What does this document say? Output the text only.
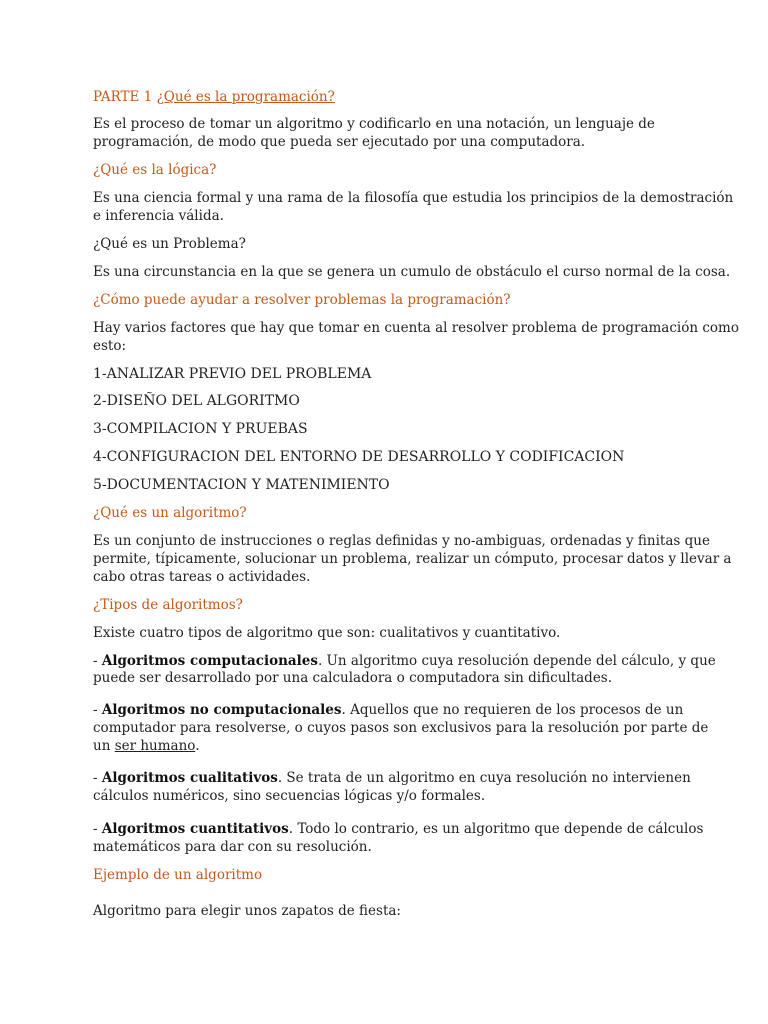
PARTE 1 ¿Qué es la programación?

Es el proceso de tomar un algoritmo y codificarlo en una notación, un lenguaje de

programación, de modo que pueda ser ejecutado por una computadora.

¿Qué es la lógica?

Es una ciencia formal y una rama de la filosofía que estudia los principios de la demostración

e inferencia válida.

¿Qué es un Problema?

Es una circunstancia en la que se genera un cumulo de obstáculo el curso normal de la cosa.

¿Cómo puede ayudar a resolver problemas la programación?

Hay varios factores que hay que tomar en cuenta al resolver problema de programación como

esto:

1-ANALIZAR PREVIO DEL PROBLEMA

2-DISEÑO DEL ALGORITMO

3-COMPILACION Y PRUEBAS

4-CONFIGURACION DEL ENTORNO DE DESARROLLO Y CODIFICACION

5-DOCUMENTACION Y MATENIMIENTO

¿Qué es un algoritmo?

Es un conjunto de instrucciones o reglas definidas y no-ambiguas, ordenadas y finitas que

permite, típicamente, solucionar un problema, realizar un cómputo, procesar datos y llevar a

cabo otras tareas o actividades.

¿Tipos de algoritmos?

Existe cuatro tipos de algoritmo que son: cualitativos y cuantitativo.

- Algoritmos computacionales. Un algoritmo cuya resolución depende del cálculo, y que

puede ser desarrollado por una calculadora o computadora sin dificultades.

- Algoritmos no computacionales. Aquellos que no requieren de los procesos de un

computador para resolverse, o cuyos pasos son exclusivos para la resolución por parte de

un ser humano.

- Algoritmos cualitativos. Se trata de un algoritmo en cuya resolución no intervienen

cálculos numéricos, sino secuencias lógicas y/o formales.

- Algoritmos cuantitativos. Todo lo contrario, es un algoritmo que depende de cálculos

matemáticos para dar con su resolución.

Ejemplo de un algoritmo

Algoritmo para elegir unos zapatos de fiesta:
